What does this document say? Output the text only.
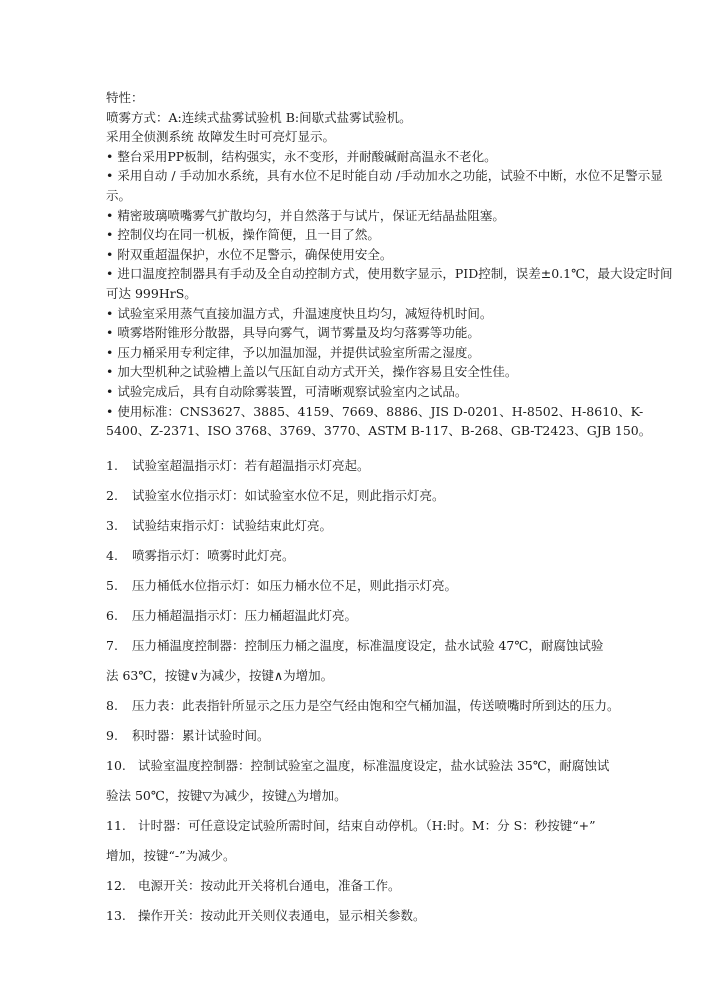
特性：
喷雾方式：A:连续式盐雾试验机 B:间歇式盐雾试验机。
采用全侦测系统 故障发生时可亮灯显示。
• 整台采用PP板制，结构强实，永不变形，并耐酸碱耐高温永不老化。
• 采用自动 / 手动加水系统，具有水位不足时能自动 /手动加水之功能，试验不中断，水位不足警示显示。
• 精密玻璃喷嘴雾气扩散均匀，并自然落于与试片，保证无结晶盐阻塞。
• 控制仪均在同一机板，操作简便，且一目了然。
• 附双重超温保护，水位不足警示，确保使用安全。
• 进口温度控制器具有手动及全自动控制方式，使用数字显示，PID控制，误差±0.1℃，最大设定时间可达 999HrS。
• 试验室采用蒸气直接加温方式，升温速度快且均匀，减短待机时间。
• 喷雾塔附锥形分散器，具导向雾气，调节雾量及均匀落雾等功能。
• 压力桶采用专利定律，予以加温加湿，并提供试验室所需之湿度。
• 加大型机种之试验槽上盖以气压缸自动方式开关，操作容易且安全性佳。
• 试验完成后，具有自动除雾装置，可清晰观察试验室内之试品。
• 使用标准：CNS3627、3885、4159、7669、8886、JIS D-0201、H-8502、H-8610、K-5400、Z-2371、ISO 3768、3769、3770、ASTM B-117、B-268、GB-T2423、GJB 150。
1.	试验室超温指示灯：若有超温指示灯亮起。
2.	试验室水位指示灯：如试验室水位不足，则此指示灯亮。
3.	试验结束指示灯：试验结束此灯亮。
4.	喷雾指示灯：喷雾时此灯亮。
5.	压力桶低水位指示灯：如压力桶水位不足，则此指示灯亮。
6.	压力桶超温指示灯：压力桶超温此灯亮。
7.	压力桶温度控制器：控制压力桶之温度，标准温度设定，盐水试验 47℃，耐腐蚀试验
法 63℃，按键∨为减少，按键∧为增加。
8.	压力表：此表指针所显示之压力是空气经由饱和空气桶加温，传送喷嘴时所到达的压力。
9.	积时器：累计试验时间。
10. 试验室温度控制器：控制试验室之温度，标准温度设定，盐水试验法 35℃，耐腐蚀试
验法 50℃，按键▽为减少，按键△为增加。
11. 计时器：可任意设定试验所需时间，结束自动停机。（H:时。M：分 S：秒按键“+”
增加，按键“-”为减少。
12. 电源开关：按动此开关将机台通电，准备工作。
13. 操作开关：按动此开关则仪表通电，显示相关参数。
